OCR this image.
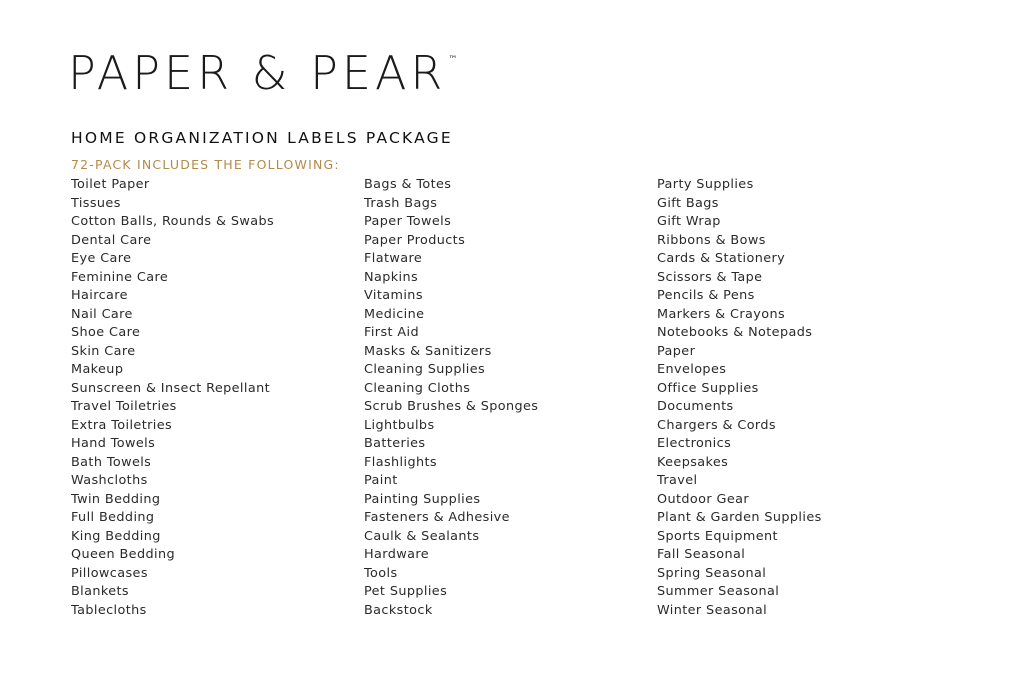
PAPER & PEAR ™
HOME ORGANIZATION LABELS PACKAGE
72-PACK INCLUDES THE FOLLOWING:
Toilet Paper
Tissues
Cotton Balls, Rounds & Swabs
Dental Care
Eye Care
Feminine Care
Haircare
Nail Care
Shoe Care
Skin Care
Makeup
Sunscreen & Insect Repellant
Travel Toiletries
Extra Toiletries
Hand Towels
Bath Towels
Washcloths
Twin Bedding
Full Bedding
King Bedding
Queen Bedding
Pillowcases
Blankets
Tablecloths
Bags & Totes
Trash Bags
Paper Towels
Paper Products
Flatware
Napkins
Vitamins
Medicine
First Aid
Masks & Sanitizers
Cleaning Supplies
Cleaning Cloths
Scrub Brushes & Sponges
Lightbulbs
Batteries
Flashlights
Paint
Painting Supplies
Fasteners & Adhesive
Caulk & Sealants
Hardware
Tools
Pet Supplies
Backstock
Party Supplies
Gift Bags
Gift Wrap
Ribbons & Bows
Cards & Stationery
Scissors & Tape
Pencils & Pens
Markers & Crayons
Notebooks & Notepads
Paper
Envelopes
Office Supplies
Documents
Chargers & Cords
Electronics
Keepsakes
Travel
Outdoor Gear
Plant & Garden Supplies
Sports Equipment
Fall Seasonal
Spring Seasonal
Summer Seasonal
Winter Seasonal
